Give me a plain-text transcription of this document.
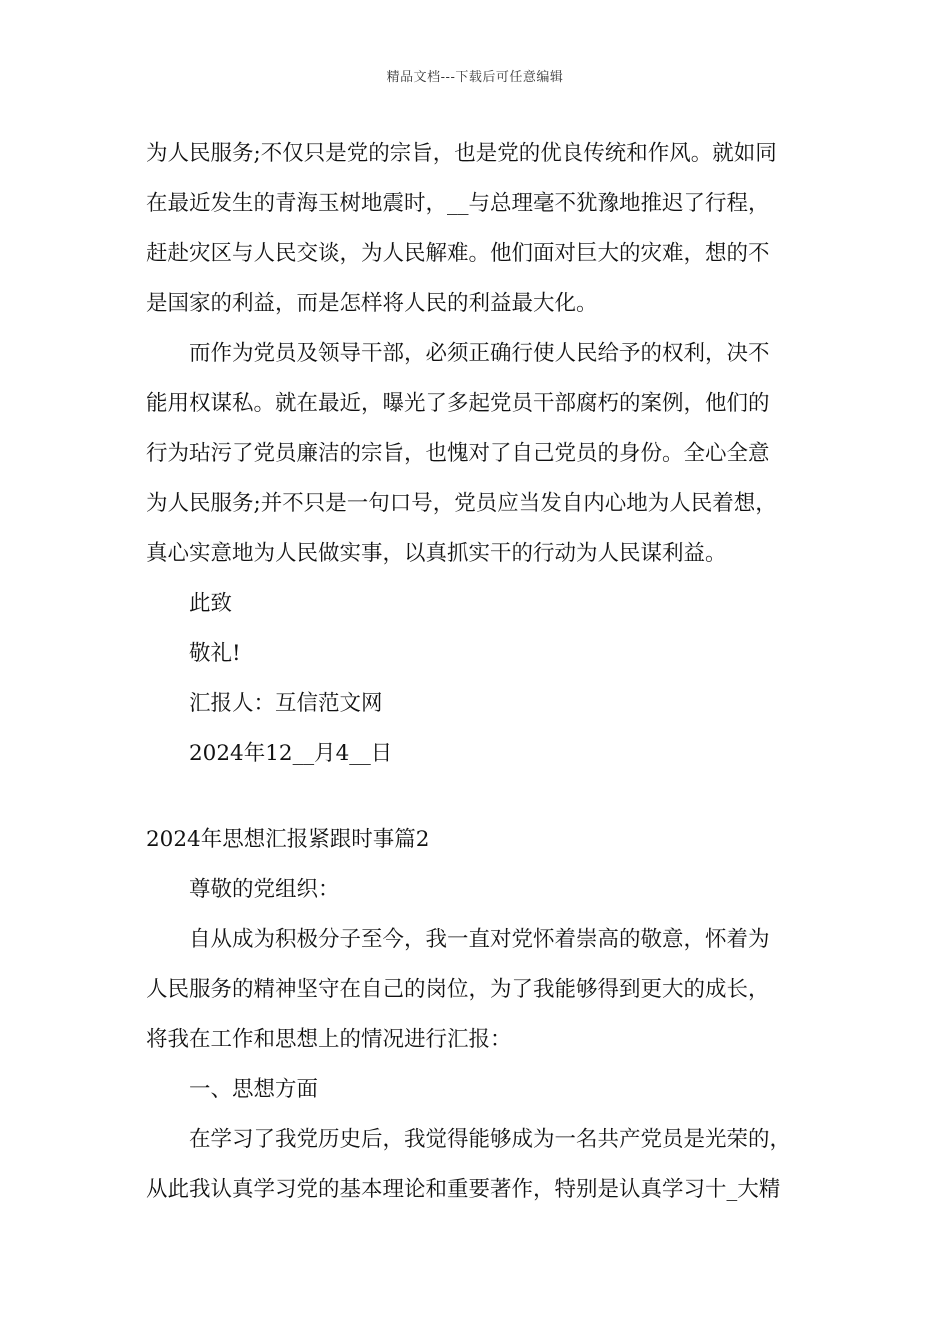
精品文档---下载后可任意编辑
为人民服务;不仅只是党的宗旨，也是党的优良传统和作风。就如同
在最近发生的青海玉树地震时，__与总理毫不犹豫地推迟了行程，
赶赴灾区与人民交谈，为人民解难。他们面对巨大的灾难，想的不
是国家的利益，而是怎样将人民的利益最大化。
而作为党员及领导干部，必须正确行使人民给予的权利，决不
能用权谋私。就在最近，曝光了多起党员干部腐朽的案例，他们的
行为玷污了党员廉洁的宗旨，也愧对了自己党员的身份。全心全意
为人民服务;并不只是一句口号，党员应当发自内心地为人民着想，
真心实意地为人民做实事，以真抓实干的行动为人民谋利益。
此致
敬礼!
汇报人：互信范文网
2024年12__月4__日
2024年思想汇报紧跟时事篇2
尊敬的党组织：
自从成为积极分子至今，我一直对党怀着崇高的敬意，怀着为
人民服务的精神坚守在自己的岗位，为了我能够得到更大的成长，
将我在工作和思想上的情况进行汇报：
一、思想方面
在学习了我党历史后，我觉得能够成为一名共产党员是光荣的，
从此我认真学习党的基本理论和重要著作，特别是认真学习十_大精
